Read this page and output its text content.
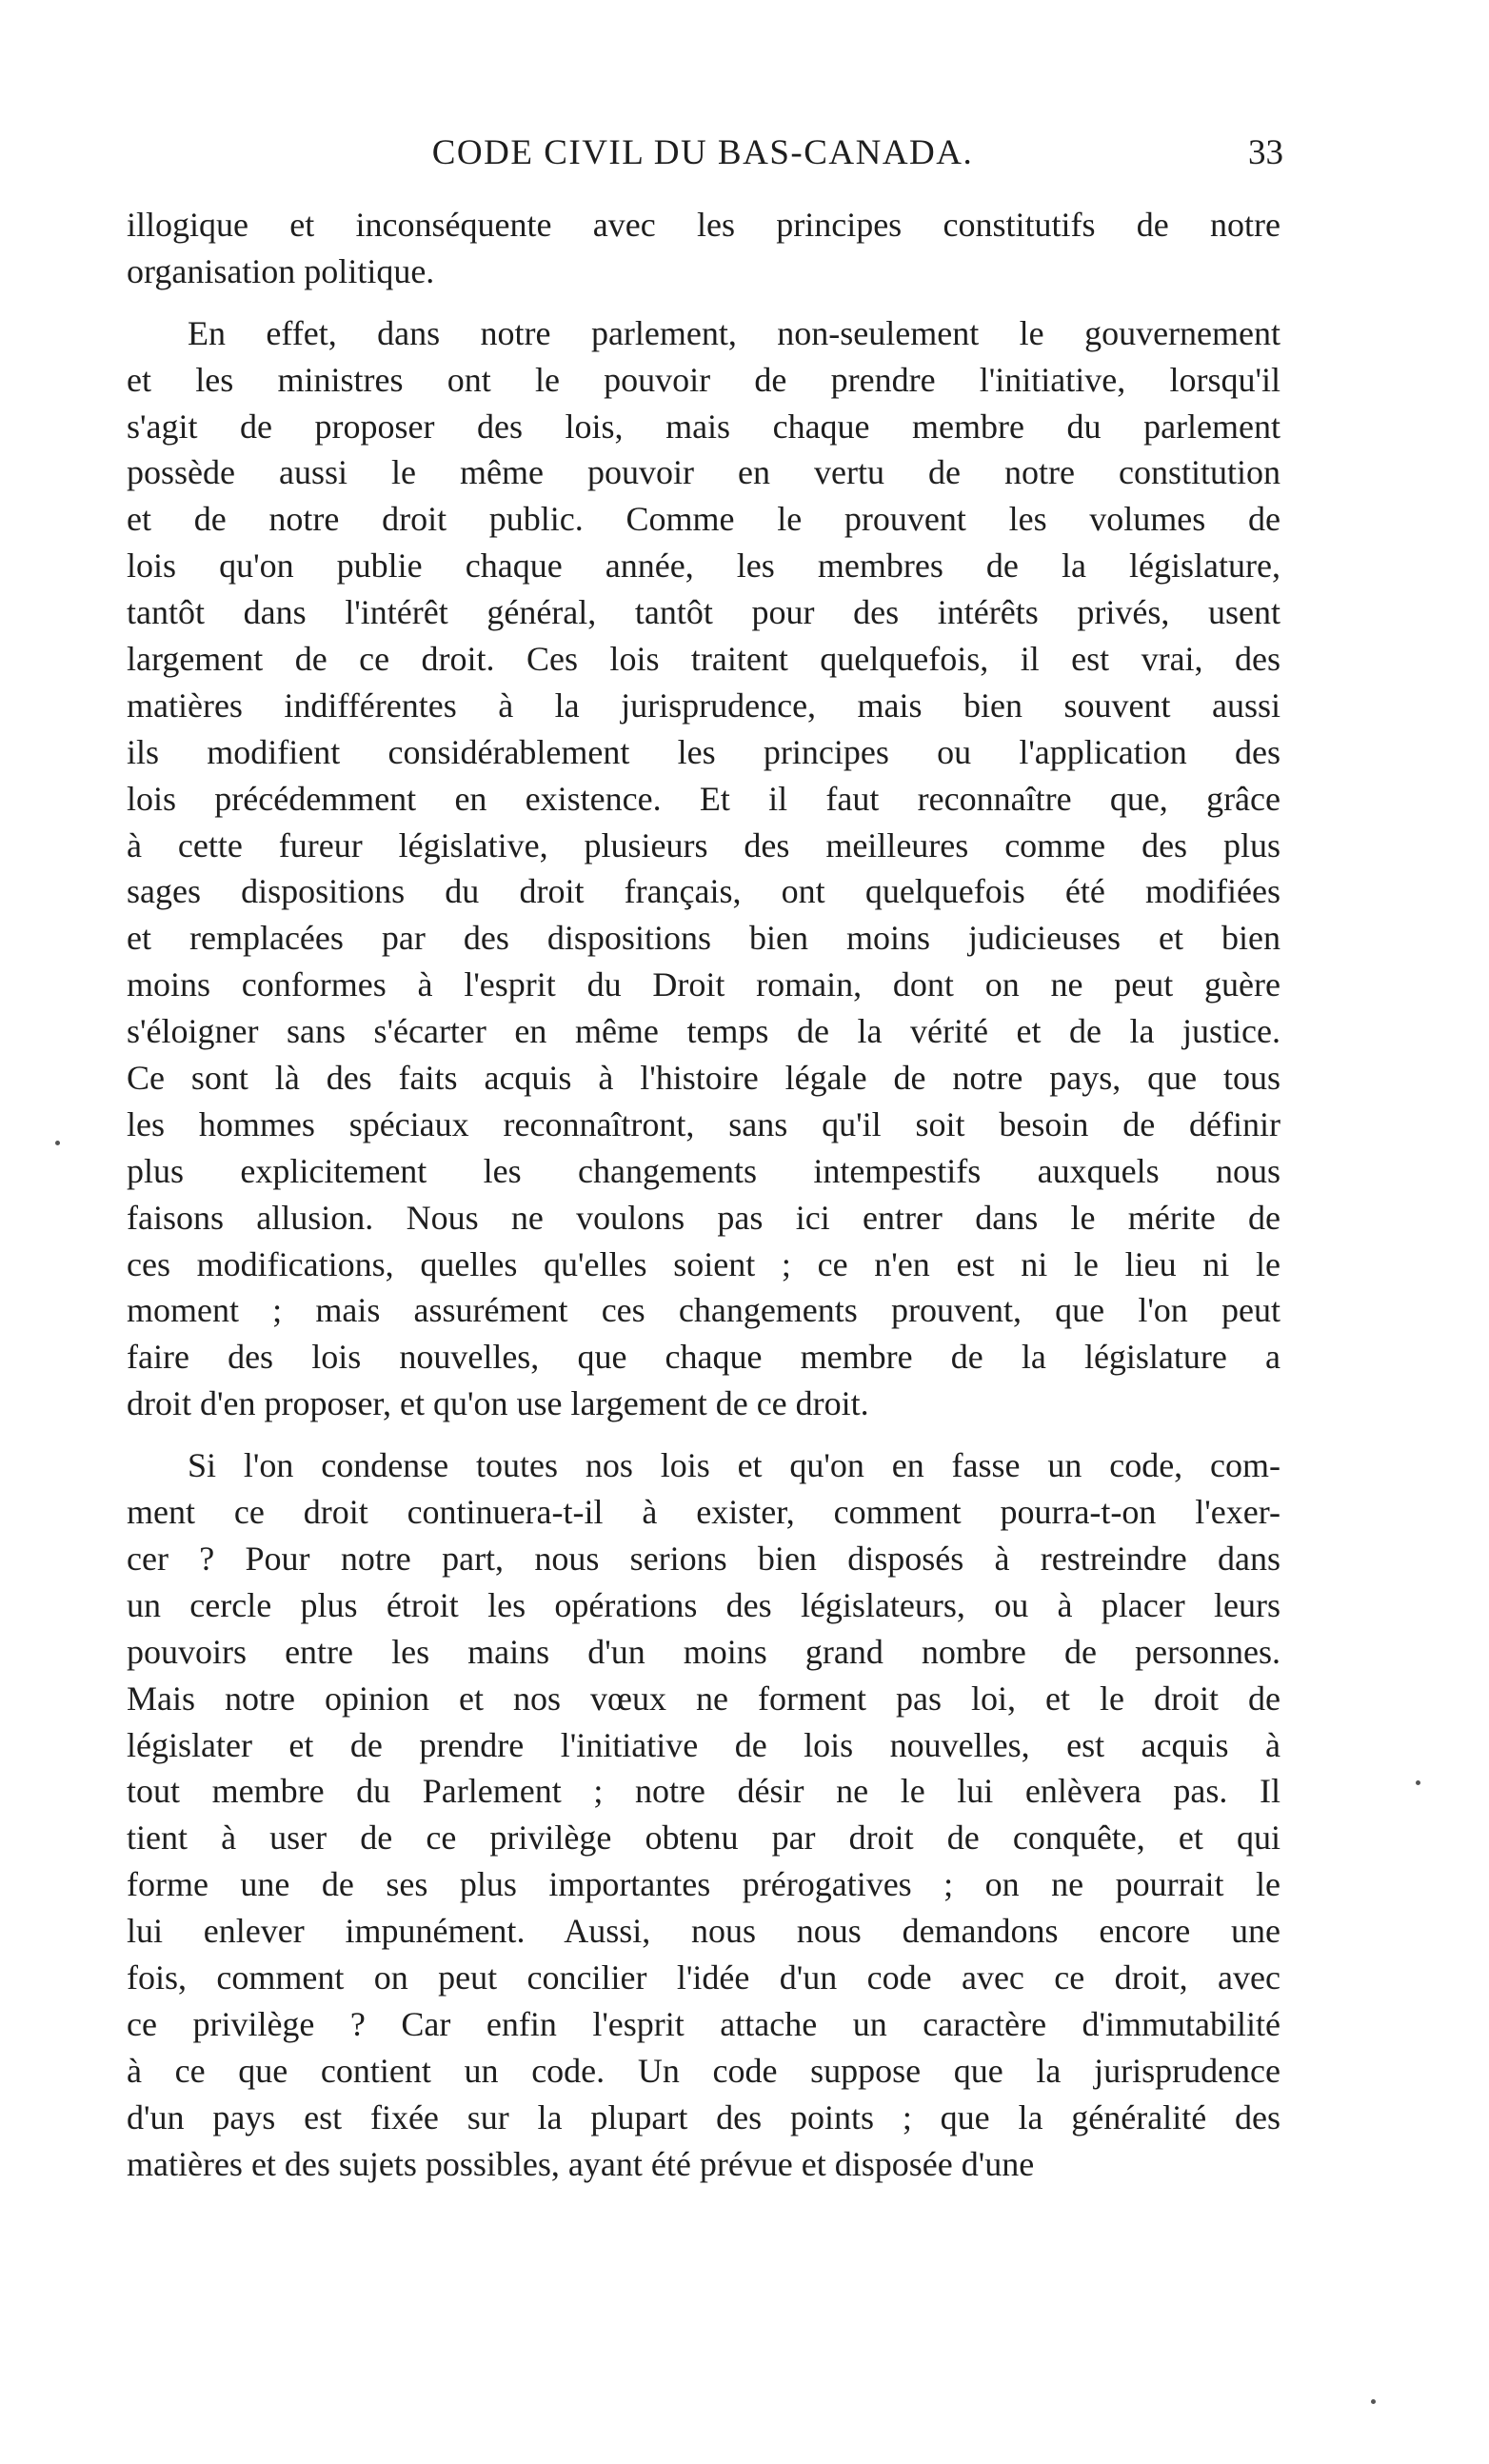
CODE CIVIL DU BAS-CANADA.	33
illogique et inconséquente avec les principes constitutifs de notre
organisation politique.
En effet, dans notre parlement, non-seulement le gouvernement
et les ministres ont le pouvoir de prendre l'initiative, lorsqu'il
s'agit de proposer des lois, mais chaque membre du parlement
possède aussi le même pouvoir en vertu de notre constitution
et de notre droit public. Comme le prouvent les volumes de
lois qu'on publie chaque année, les membres de la législature,
tantôt dans l'intérêt général, tantôt pour des intérêts privés, usent
largement de ce droit. Ces lois traitent quelquefois, il est vrai, des
matières indifférentes à la jurisprudence, mais bien souvent aussi
ils modifient considérablement les principes ou l'application des
lois précédemment en existence. Et il faut reconnaître que, grâce
à cette fureur législative, plusieurs des meilleures comme des plus
sages dispositions du droit français, ont quelquefois été modifiées
et remplacées par des dispositions bien moins judicieuses et bien
moins conformes à l'esprit du Droit romain, dont on ne peut guère
s'éloigner sans s'écarter en même temps de la vérité et de la justice.
Ce sont là des faits acquis à l'histoire légale de notre pays, que tous
les hommes spéciaux reconnaîtront, sans qu'il soit besoin de définir
plus explicitement les changements intempestifs auxquels nous
faisons allusion. Nous ne voulons pas ici entrer dans le mérite de
ces modifications, quelles qu'elles soient ; ce n'en est ni le lieu ni le
moment ; mais assurément ces changements prouvent, que l'on peut
faire des lois nouvelles, que chaque membre de la législature a
droit d'en proposer, et qu'on use largement de ce droit.
Si l'on condense toutes nos lois et qu'on en fasse un code, com-
ment ce droit continuera-t-il à exister, comment pourra-t-on l'exer-
cer ? Pour notre part, nous serions bien disposés à restreindre dans
un cercle plus étroit les opérations des législateurs, ou à placer leurs
pouvoirs entre les mains d'un moins grand nombre de personnes.
Mais notre opinion et nos vœux ne forment pas loi, et le droit de
législater et de prendre l'initiative de lois nouvelles, est acquis à
tout membre du Parlement ; notre désir ne le lui enlèvera pas. Il
tient à user de ce privilège obtenu par droit de conquête, et qui
forme une de ses plus importantes prérogatives ; on ne pourrait le
lui enlever impunément. Aussi, nous nous demandons encore une
fois, comment on peut concilier l'idée d'un code avec ce droit, avec
ce privilège ? Car enfin l'esprit attache un caractère d'immutabilité
à ce que contient un code. Un code suppose que la jurisprudence
d'un pays est fixée sur la plupart des points ; que la généralité des
matières et des sujets possibles, ayant été prévue et disposée d'une
